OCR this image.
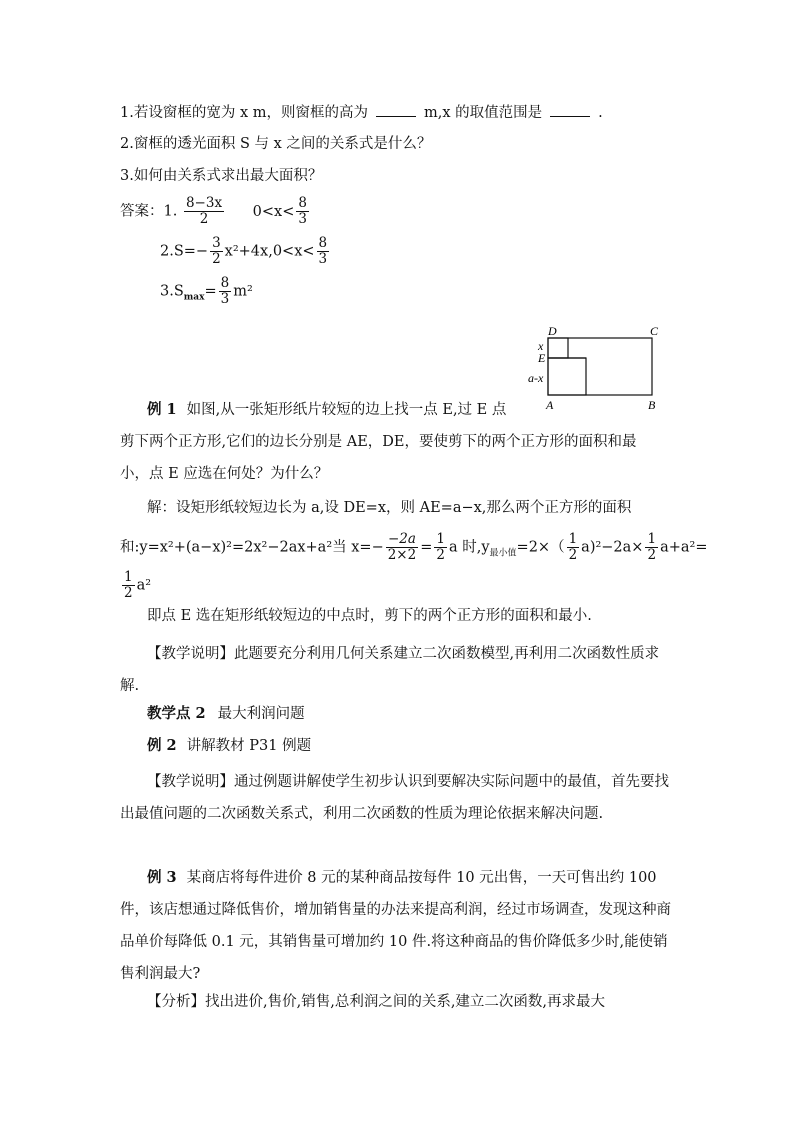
1.若设窗框的宽为 x m，则窗框的高为	m,x 的取值范围是	.
2.窗框的透光面积 S 与 x 之间的关系式是什么？
3.如何由关系式求出最大面积？
答案：1. $\frac{8-3x}{2} 0<x< \frac{8}{3}$
$2.S=- \frac{3}{2} x^2+4x,0<x< \frac{8}{3}$
$3.S_{max}= \frac{8}{3} m^2$
D	C
x
E
a-x
A	B
例 1 如图,从一张矩形纸片较短的边上找一点 E,过 E 点
剪下两个正方形,它们的边长分别是 AE，DE，要使剪下的两个正方形的面积和最
小，点 E 应选在何处？为什么？
解：设矩形纸较短边长为 a,设 DE=x，则 AE=a−x,那么两个正方形的面积
和:y=x²+(a−x)²=2x²−2ax+a²当 $x=- \frac{-2a}{2\times 2} = \frac{1}{2}$ a 时$,y_{最小值}=2\times( \frac{1}{2} a)^2-2a\times \frac{1}{2} a+a^2=$
$\frac{1}{2} a^2$
即点 E 选在矩形纸较短边的中点时，剪下的两个正方形的面积和最小.
【教学说明】此题要充分利用几何关系建立二次函数模型,再利用二次函数性质求解.
教学点 2 最大利润问题
例 2 讲解教材 P31 例题
【教学说明】通过例题讲解使学生初步认识到要解决实际问题中的最值，首先要找出最值问题的二次函数关系式，利用二次函数的性质为理论依据来解决问题.
例 3 某商店将每件进价 8 元的某种商品按每件 10 元出售，一天可售出约 100 件，该店想通过降低售价，增加销售量的办法来提高利润，经过市场调查，发现这种商品单价每降低 0.1 元，其销售量可增加约 10 件.将这种商品的售价降低多少时,能使销售利润最大?
【分析】找出进价,售价,销售,总利润之间的关系,建立二次函数,再求最大
